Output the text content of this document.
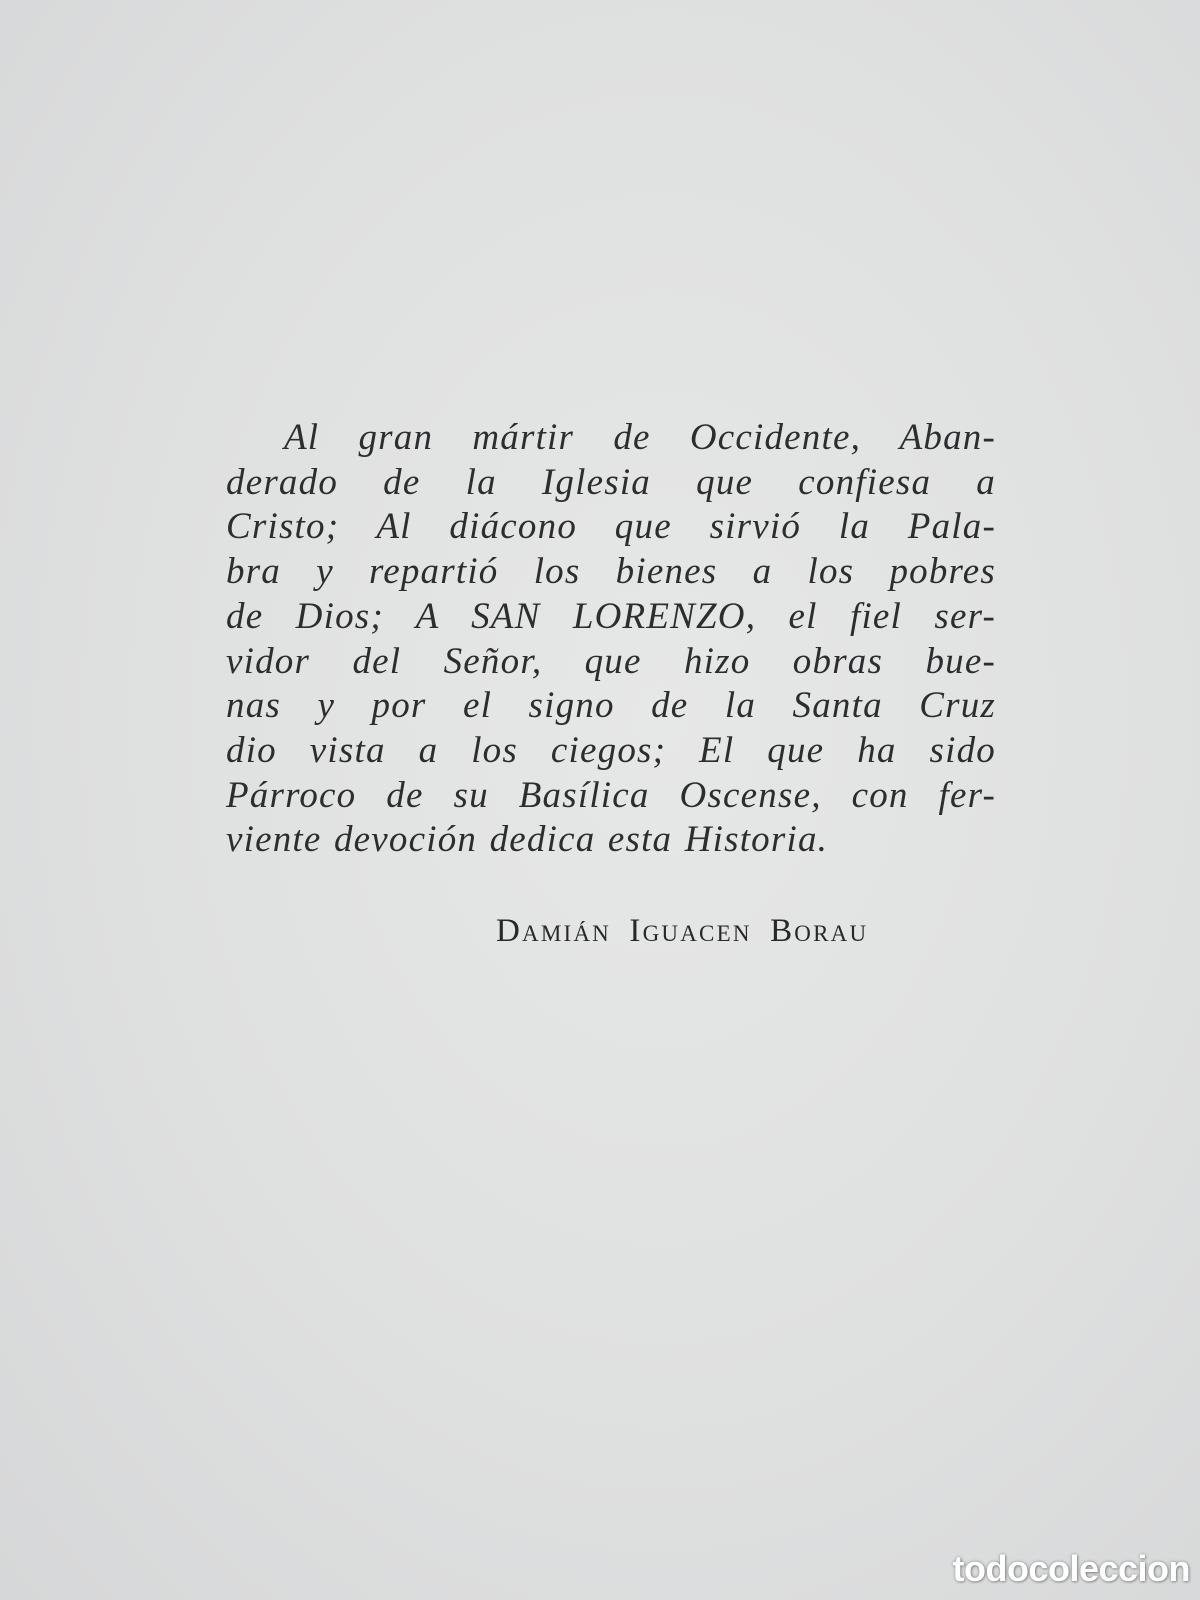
Al gran mártir de Occidente, Aban-
derado de la Iglesia que confiesa a
Cristo; Al diácono que sirvió la Pala-
bra y repartió los bienes a los pobres
de Dios; A SAN LORENZO, el fiel ser-
vidor del Señor, que hizo obras bue-
nas y por el signo de la Santa Cruz
dio vista a los ciegos; El que ha sido
Párroco de su Basílica Oscense, con fer-
viente devoción dedica esta Historia.
Damián Iguacen Borau
todocoleccion
